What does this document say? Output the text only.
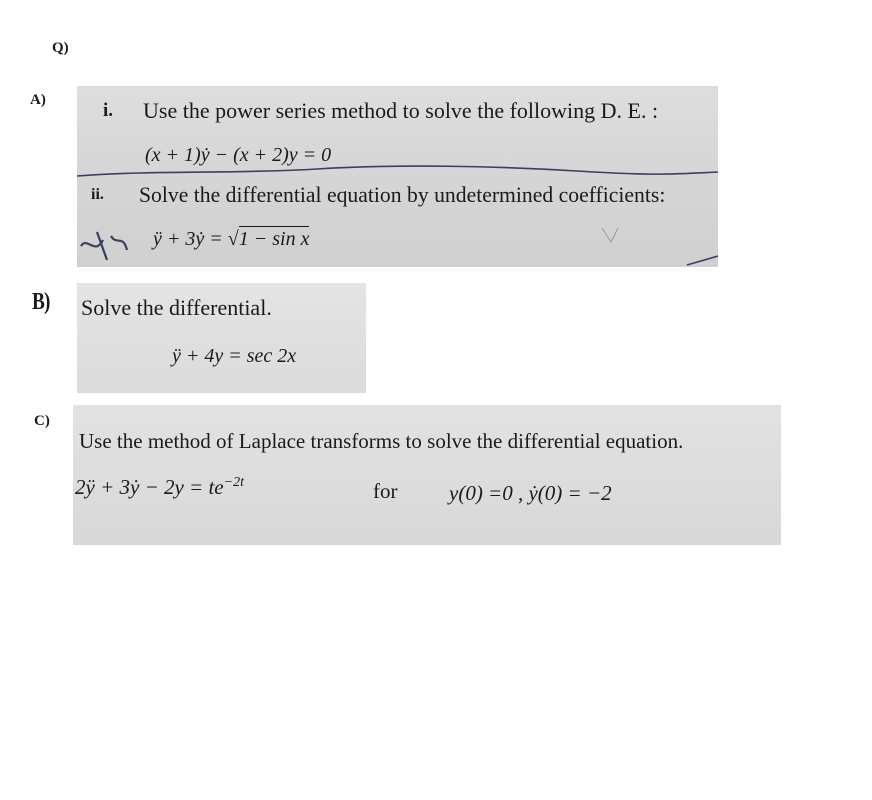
Q)
A)	i. Use the power series method to solve the following D. E. :
(x + 1)ẏ − (x + 2)y = 0
ii. Solve the differential equation by undetermined coefficients:
ÿ + 3ẏ = √1 − sin x
B) Solve the differential.
ÿ + 4y = sec 2x
C)
Use the method of Laplace transforms to solve the differential equation.
2ÿ + 3ẏ − $2y = te^{-2t}$	for y(0) =0 , ẏ(0) = −2
